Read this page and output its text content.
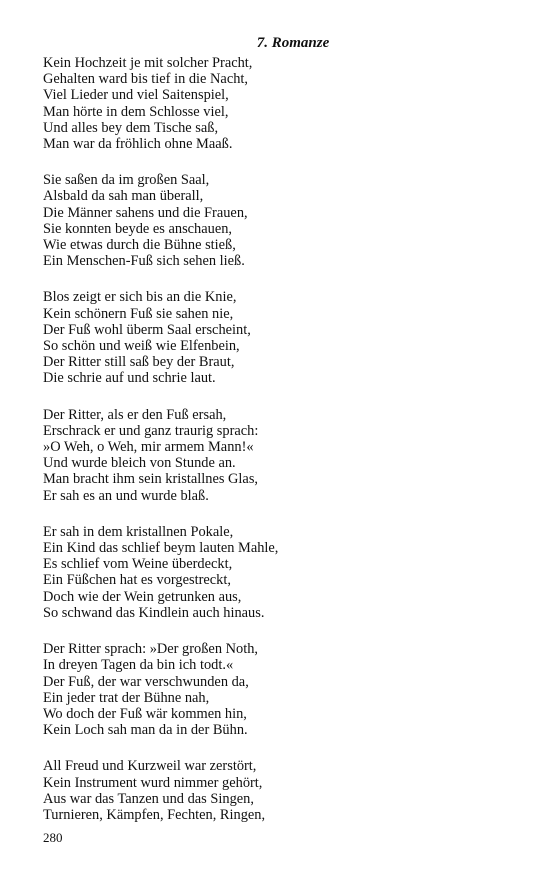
7. Romanze
Kein Hochzeit je mit solcher Pracht,
Gehalten ward bis tief in die Nacht,
Viel Lieder und viel Saitenspiel,
Man hörte in dem Schlosse viel,
Und alles bey dem Tische saß,
Man war da fröhlich ohne Maaß.
Sie saßen da im großen Saal,
Alsbald da sah man überall,
Die Männer sahens und die Frauen,
Sie konnten beyde es anschauen,
Wie etwas durch die Bühne stieß,
Ein Menschen-Fuß sich sehen ließ.
Blos zeigt er sich bis an die Knie,
Kein schönern Fuß sie sahen nie,
Der Fuß wohl überm Saal erscheint,
So schön und weiß wie Elfenbein,
Der Ritter still saß bey der Braut,
Die schrie auf und schrie laut.
Der Ritter, als er den Fuß ersah,
Erschrack er und ganz traurig sprach:
»O Weh, o Weh, mir armem Mann!«
Und wurde bleich von Stunde an.
Man bracht ihm sein kristallnes Glas,
Er sah es an und wurde blaß.
Er sah in dem kristallnen Pokale,
Ein Kind das schlief beym lauten Mahle,
Es schlief vom Weine überdeckt,
Ein Füßchen hat es vorgestreckt,
Doch wie der Wein getrunken aus,
So schwand das Kindlein auch hinaus.
Der Ritter sprach: »Der großen Noth,
In dreyen Tagen da bin ich todt.«
Der Fuß, der war verschwunden da,
Ein jeder trat der Bühne nah,
Wo doch der Fuß wär kommen hin,
Kein Loch sah man da in der Bühn.
All Freud und Kurzweil war zerstört,
Kein Instrument wurd nimmer gehört,
Aus war das Tanzen und das Singen,
Turnieren, Kämpfen, Fechten, Ringen,
280
